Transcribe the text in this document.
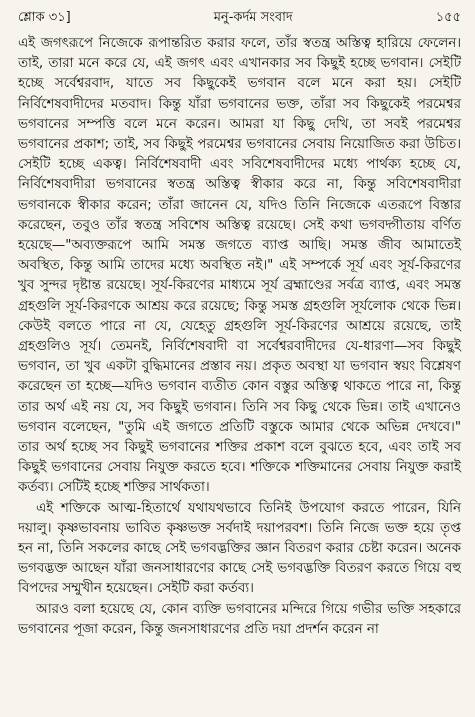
শ্লোক ৩১]	মনু-কর্দম সংবাদ	১৫৫

এই জগৎরূপে নিজেকে রূপান্তরিত করার ফলে, তাঁর স্বতন্ত্র অস্তিত্ব হারিয়ে ফেলেন। তাই, তারা মনে করে যে, এই জগৎ এবং এখানকার সব কিছুই হচ্ছে ভগবান। সেইটি হচ্ছে সর্বেশ্বরবাদ, যাতে সব কিছুকেই ভগবান বলে মনে করা হয়। সেইটি নির্বিশেষবাদীদের মতবাদ। কিন্তু যাঁরা ভগবানের ভক্ত, তাঁরা সব কিছুকেই পরমেশ্বর ভগবানের সম্পত্তি বলে মনে করেন। আমরা যা কিছু দেখি, তা সবই পরমেশ্বর ভগবানের প্রকাশ; তাই, সব কিছুই পরমেশ্বর ভগবানের সেবায় নিয়োজিত করা উচিত। সেইটি হচ্ছে একত্ব। নির্বিশেষবাদী এবং সবিশেষবাদীদের মধ্যে পার্থক্য হচ্ছে যে, নির্বিশেষবাদীরা ভগবানের স্বতন্ত্র অস্তিত্ব স্বীকার করে না, কিন্তু সবিশেষবাদীরা ভগবানকে স্বীকার করেন; তাঁরা জানেন যে, যদিও তিনি নিজেকে এতরূপে বিস্তার করেছেন, তবুও তাঁর স্বতন্ত্র সবিশেষ অস্তিত্ব রয়েছে। সেই কথা ভগবদ্গীতায় বর্ণিত হয়েছে—"অব্যক্তরূপে আমি সমস্ত জগতে ব্যাপ্ত আছি। সমস্ত জীব আমাতেই অবস্থিত, কিন্তু আমি তাদের মধ্যে অবস্থিত নই।" এই সম্পর্কে সূর্য এবং সূর্য-কিরণের খুব সুন্দর দৃষ্টান্ত রয়েছে। সূর্য-কিরণের মাধ্যমে সূর্য ব্রহ্মাণ্ডের সর্বত্র ব্যাপ্ত, এবং সমস্ত গ্রহগুলি সূর্য-কিরণকে আশ্রয় করে রয়েছে; কিন্তু সমস্ত গ্রহগুলি সূর্যলোক থেকে ভিন্ন। কেউই বলতে পারে না যে, যেহেতু গ্রহগুলি সূর্য-কিরণের আশ্রয়ে রয়েছে, তাই গ্রহগুলিও সূর্য। তেমনই, নির্বিশেষবাদী বা সর্বেশ্বরবাদীদের যে-ধারণা—সব কিছুই ভগবান, তা খুব একটা বুদ্ধিমানের প্রস্তাব নয়। প্রকৃত অবস্থা যা ভগবান স্বয়ং বিশ্লেষণ করেছেন তা হচ্ছে—যদিও ভগবান ব্যতীত কোন বস্তুর অস্তিত্ব থাকতে পারে না, কিন্তু তার অর্থ এই নয় যে, সব কিছুই ভগবান। তিনি সব কিছু থেকে ভিন্ন। তাই এখানেও ভগবান বলেছেন, "তুমি এই জগতে প্রতিটি বস্তুকে আমার থেকে অভিন্ন দেখবে।" তার অর্থ হচ্ছে সব কিছুই ভগবানের শক্তির প্রকাশ বলে বুঝতে হবে, এবং তাই সব কিছুই ভগবানের সেবায় নিযুক্ত করতে হবে। শক্তিকে শক্তিমানের সেবায় নিযুক্ত করাই কর্তব্য। সেটিই হচ্ছে শক্তির সার্থকতা।

এই শক্তিকে আত্ম-হিতার্থে যথাযথভাবে তিনিই উপযোগ করতে পারেন, যিনি দয়ালু। কৃষ্ণভাবনায় ভাবিত কৃষ্ণভক্ত সর্বদাই দয়াপরবশ। তিনি নিজে ভক্ত হয়ে তৃপ্ত হন না, তিনি সকলের কাছে সেই ভগবদ্ভক্তির জ্ঞান বিতরণ করার চেষ্টা করেন। অনেক ভগবদ্ভক্ত আছেন যাঁরা জনসাধারণের কাছে সেই ভগবদ্ভক্তি বিতরণ করতে গিয়ে বহু বিপদের সম্মুখীন হয়েছেন। সেইটি করা কর্তব্য।

আরও বলা হয়েছে যে, কোন ব্যক্তি ভগবানের মন্দিরে গিয়ে গভীর ভক্তি সহকারে ভগবানের পূজা করেন, কিন্তু জনসাধারণের প্রতি দয়া প্রদর্শন করেন না
